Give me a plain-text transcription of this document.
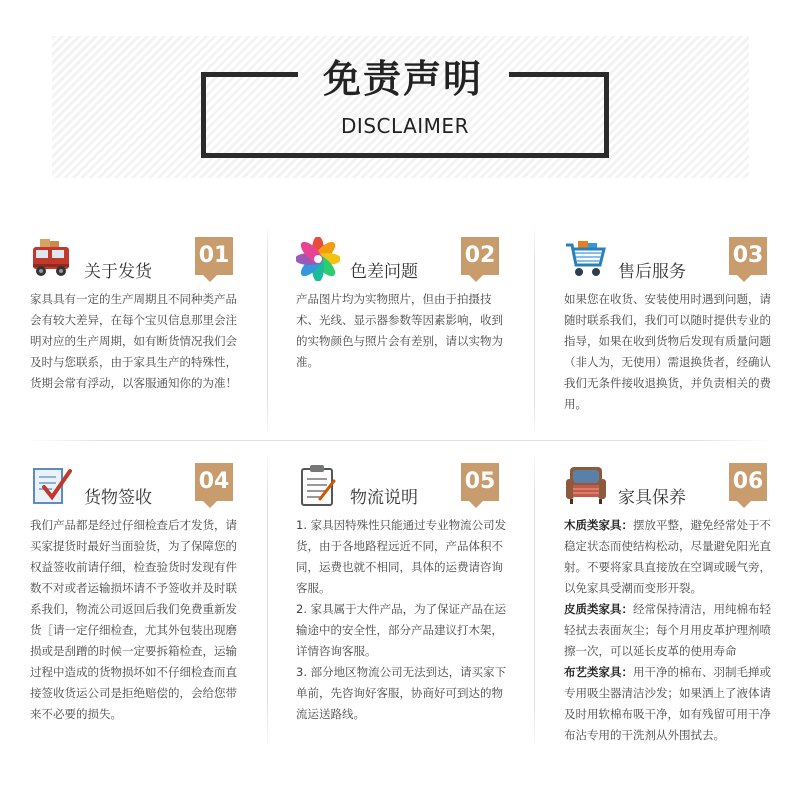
免责声明
DISCLAIMER
关于发货
01

家具具有一定的生产周期且不同种类产品会有较大差异，在每个宝贝信息那里会注明对应的生产周期，如有断货情况我们会及时与您联系，由于家具生产的特殊性，货期会常有浮动，以客服通知你的为准！

色差问题
02

产品图片均为实物照片，但由于拍摄技术、光线、显示器参数等因素影响，收到的实物颜色与照片会有差别，请以实物为准。

售后服务
03

如果您在收货、安装使用时遇到问题，请随时联系我们，我们可以随时提供专业的指导，如果在收到货物后发现有质量问题（非人为，无使用）需退换货者，经确认我们无条件接收退换货，并负责相关的费用。

货物签收
04

我们产品都是经过仔细检查后才发货，请买家提货时最好当面验货，为了保障您的权益签收前请仔细，检查验货时发现有件数不对或者运输损坏请不予签收并及时联系我们，物流公司返回后我们免费重新发货［请一定仔细检查，尤其外包装出现磨损或是刮蹭的时候一定要拆箱检查，运输过程中造成的货物损坏如不仔细检查而直接签收货运公司是拒绝赔偿的，会给您带来不必要的损失。

物流说明
05

1. 家具因特殊性只能通过专业物流公司发货，由于各地路程远近不同，产品体积不同，运费也就不相同，具体的运费请咨询客服。

2. 家具属于大件产品，为了保证产品在运输途中的安全性，部分产品建议打木架，详情咨询客服。

3. 部分地区物流公司无法到达，请买家下单前，先咨询好客服，协商好可到达的物流运送路线。

家具保养
06

木质类家具：摆放平整，避免经常处于不稳定状态而使结构松动，尽量避免阳光直射。不要将家具直接放在空调或暖气旁，以免家具受潮而变形开裂。

皮质类家具：经常保持清洁，用纯棉布轻轻拭去表面灰尘；每个月用皮革护理剂喷擦一次，可以延长皮革的使用寿命

布艺类家具：用干净的棉布、羽制毛掸或专用吸尘器清洁沙发；如果洒上了液体请及时用软棉布吸干净，如有残留可用干净布沾专用的干洗剂从外围拭去。
